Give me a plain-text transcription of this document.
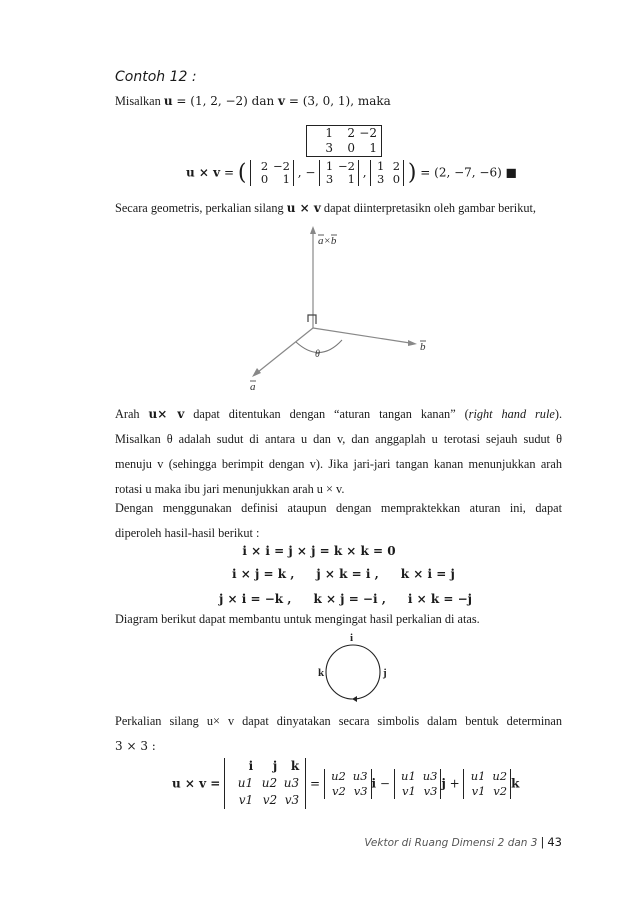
Contoh 12 :
Misalkan u = (1, 2, −2) dan v = (3, 0, 1), maka
1 2 −2
3 0 1
u × v = ( 2 −2
0 1 , − 1 −2
3 1 , 1 2
3 0 ) = (2, −7, −6) ■
Secara geometris, perkalian silang u × v dapat diinterpretasikn oleh gambar berikut,
a×b
b
a
θ
Arah u× v dapat ditentukan dengan “aturan tangan kanan” (right hand rule).
Misalkan θ adalah sudut di antara u dan v, dan anggaplah u terotasi sejauh sudut θ
menuju v (sehingga berimpit dengan v). Jika jari-jari tangan kanan menunjukkan arah
rotasi u maka ibu jari menunjukkan arah u × v.
Dengan menggunakan definisi ataupun dengan mempraktekkan aturan ini, dapat
diperoleh hasil-hasil berikut :
i × i = j × j = k × k = 0
i × j = k , j × k = i , k × i = j
j × i = −k , k × j = −i , i × k = −j
Diagram berikut dapat membantu untuk mengingat hasil perkalian di atas.
i
j
k
Perkalian silang u× v dapat dinyatakan secara simbolis dalam bentuk determinan
3 × 3 :
u × v = i j k
u1 u2 u3
v1 v2 v3 = u2 u3
v2 v3 i − u1 u3
v1 v3 j + u1 u2
v1 v2 k
Vektor di Ruang Dimensi 2 dan 3 | 43
